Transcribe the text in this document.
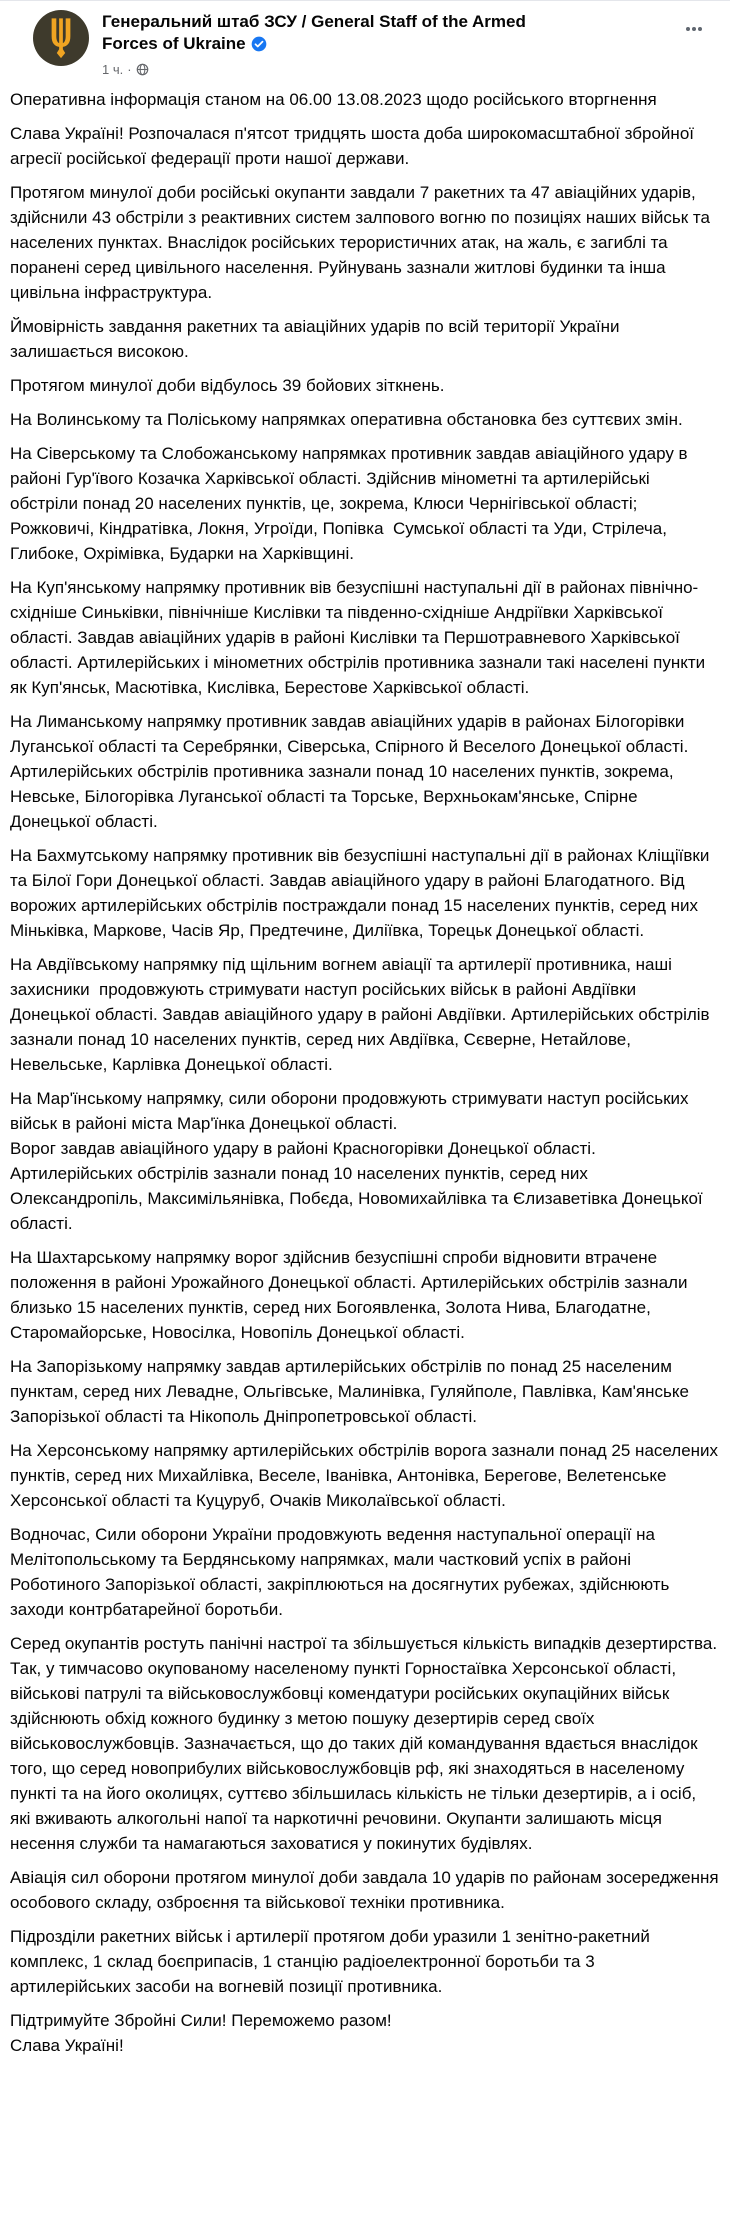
Генеральний штаб ЗСУ / General Staff of the Armed Forces of Ukraine
1 ч. ·

Оперативна інформація станом на 06.00 13.08.2023 щодо російського вторгнення

Слава Україні! Розпочалася п'ятсот тридцять шоста доба широкомасштабної збройної агресії російської федерації проти нашої держави.

Протягом минулої доби російські окупанти завдали 7 ракетних та 47 авіаційних ударів, здійснили 43 обстріли з реактивних систем залпового вогню по позиціях наших військ та населених пунктах. Внаслідок російських терористичних атак, на жаль, є загиблі та поранені серед цивільного населення. Руйнувань зазнали житлові будинки та інша цивільна інфраструктура.

Ймовірність завдання ракетних та авіаційних ударів по всій території України залишається високою.

Протягом минулої доби відбулось 39 бойових зіткнень.

На Волинському та Поліському напрямках оперативна обстановка без суттєвих змін.

На Сіверському та Слобожанському напрямках противник завдав авіаційного удару в районі Гур'ївого Козачка Харківської області. Здійснив мінометні та артилерійські обстріли понад 20 населених пунктів, це, зокрема, Клюси Чернігівської області; Рожковичі, Кіндратівка, Локня, Угроїди, Попівка  Сумської області та Уди, Стрілеча, Глибоке, Охрімівка, Бударки на Харківщині.

На Куп'янському напрямку противник вів безуспішні наступальні дії в районах північно-східніше Синьківки, північніше Кислівки та південно-східніше Андріївки Харківської області. Завдав авіаційних ударів в районі Кислівки та Першотравневого Харківської області. Артилерійських і мінометних обстрілів противника зазнали такі населені пункти як Куп'янськ, Масютівка, Кислівка, Берестове Харківської області.

На Лиманському напрямку противник завдав авіаційних ударів в районах Білогорівки Луганської області та Серебрянки, Сіверська, Спірного й Веселого Донецької області. Артилерійських обстрілів противника зазнали понад 10 населених пунктів, зокрема, Невське, Білогорівка Луганської області та Торське, Верхньокам'янське, Спірне Донецької області.

На Бахмутському напрямку противник вів безуспішні наступальні дії в районах Кліщіївки та Білої Гори Донецької області. Завдав авіаційного удару в районі Благодатного. Від ворожих артилерійських обстрілів постраждали понад 15 населених пунктів, серед них Міньківка, Маркове, Часів Яр, Предтечине, Диліївка, Торецьк Донецької області.

На Авдіївському напрямку під щільним вогнем авіації та артилерії противника, наші захисники  продовжують стримувати наступ російських військ в районі Авдіївки Донецької області. Завдав авіаційного удару в районі Авдіївки. Артилерійських обстрілів зазнали понад 10 населених пунктів, серед них Авдіївка, Сєверне, Нетайлове, Невельське, Карлівка Донецької області.

На Мар'їнському напрямку, сили оборони продовжують стримувати наступ російських військ в районі міста Мар'їнка Донецької області.
Ворог завдав авіаційного удару в районі Красногорівки Донецької області.
Артилерійських обстрілів зазнали понад 10 населених пунктів, серед них Олександропіль, Максимільянівка, Побєда, Новомихайлівка та Єлизаветівка Донецької області.

На Шахтарському напрямку ворог здійснив безуспішні спроби відновити втрачене положення в районі Урожайного Донецької області. Артилерійських обстрілів зазнали близько 15 населених пунктів, серед них Богоявленка, Золота Нива, Благодатне, Старомайорське, Новосілка, Новопіль Донецької області.

На Запорізькому напрямку завдав артилерійських обстрілів по понад 25 населеним пунктам, серед них Левадне, Ольгівське, Малинівка, Гуляйполе, Павлівка, Кам'янське Запорізької області та Нікополь Дніпропетровської області.

На Херсонському напрямку артилерійських обстрілів ворога зазнали понад 25 населених пунктів, серед них Михайлівка, Веселе, Іванівка, Антонівка, Берегове, Велетенське Херсонської області та Куцуруб, Очаків Миколаївської області.

Водночас, Сили оборони України продовжують ведення наступальної операції на Мелітопольському та Бердянському напрямках, мали частковий успіх в районі Роботиного Запорізької області, закріплюються на досягнутих рубежах, здійснюють заходи контрбатарейної боротьби.

Серед окупантів ростуть панічні настрої та збільшується кількість випадків дезертирства. Так, у тимчасово окупованому населеному пункті Горностаївка Херсонської області, військові патрулі та військовослужбовці комендатури російських окупаційних військ здійснюють обхід кожного будинку з метою пошуку дезертирів серед своїх військовослужбовців. Зазначається, що до таких дій командування вдається внаслідок того, що серед новоприбулих військовослужбовців рф, які знаходяться в населеному пункті та на його околицях, суттєво збільшилась кількість не тільки дезертирів, а і осіб, які вживають алкогольні напої та наркотичні речовини. Окупанти залишають місця несення служби та намагаються заховатися у покинутих будівлях.

Авіація сил оборони протягом минулої доби завдала 10 ударів по районам зосередження особового складу, озброєння та військової техніки противника.

Підрозділи ракетних військ і артилерії протягом доби уразили 1 зенітно-ракетний комплекс, 1 склад боєприпасів, 1 станцію радіоелектронної боротьби та 3 артилерійських засоби на вогневій позиції противника.

Підтримуйте Збройні Сили! Переможемо разом!
Слава Україні!
